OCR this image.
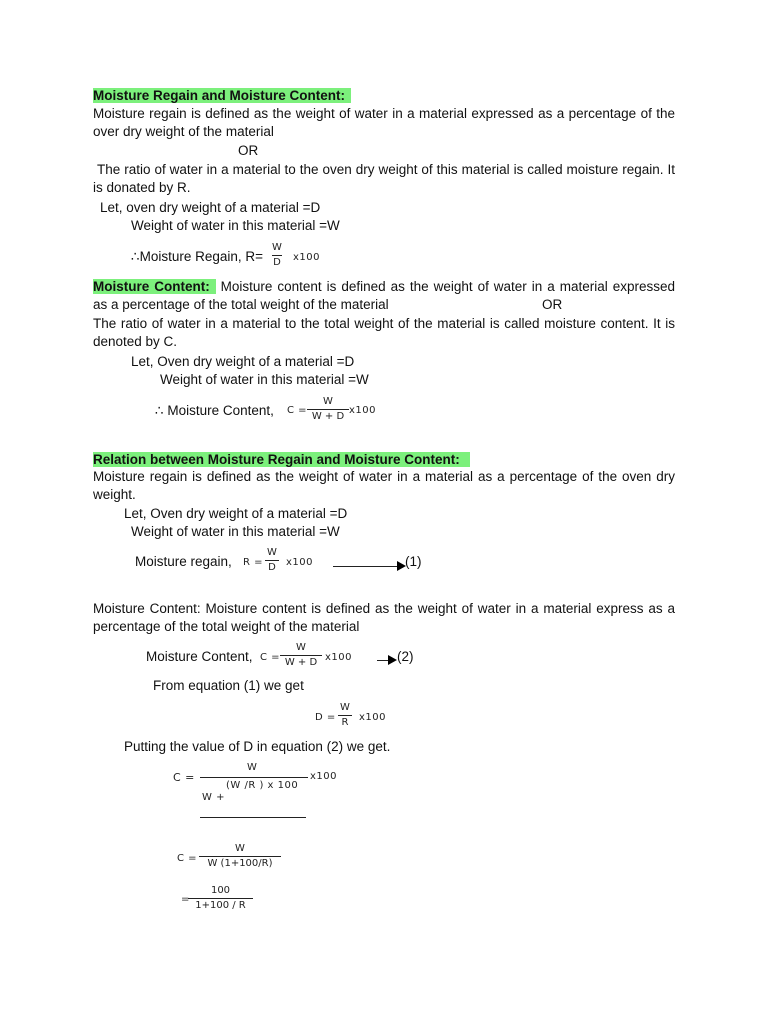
Moisture Regain and Moisture Content:
Moisture regain is defined as the weight of water in a material expressed as a percentage of the over dry weight of the material
OR
The ratio of water in a material to the oven dry weight of this material is called moisture regain. It is donated by R.
Let, oven dry weight of a material =D
Weight of water in this material =W
∴Moisture Regain, R=
W
D x100
Moisture Content: Moisture content is defined as the weight of water in a material expressed as a percentage of the total weight of the material	OR
The ratio of water in a material to the total weight of the material is called moisture content. It is denoted by C.
Let, Oven dry weight of a material =D
Weight of water in this material =W
∴ Moisture Content, C =
W
W + D
x100
Relation between Moisture Regain and Moisture Content:
Moisture regain is defined as the weight of water in a material as a percentage of the oven dry weight.
Let, Oven dry weight of a material =D
Weight of water in this material =W
Moisture regain, R =
W
D x100	(1)
Moisture Content: Moisture content is defined as the weight of water in a material express as a percentage of the total weight of the material
Moisture Content, C =
W
W + D x100	(2)
From equation (1) we get
D =
W
R x100
Putting the value of D in equation (2) we get.
C =
W
x100
(W /R ) x 100
W +
C =
W
W (1+100/R)
=
100
1+100 / R
